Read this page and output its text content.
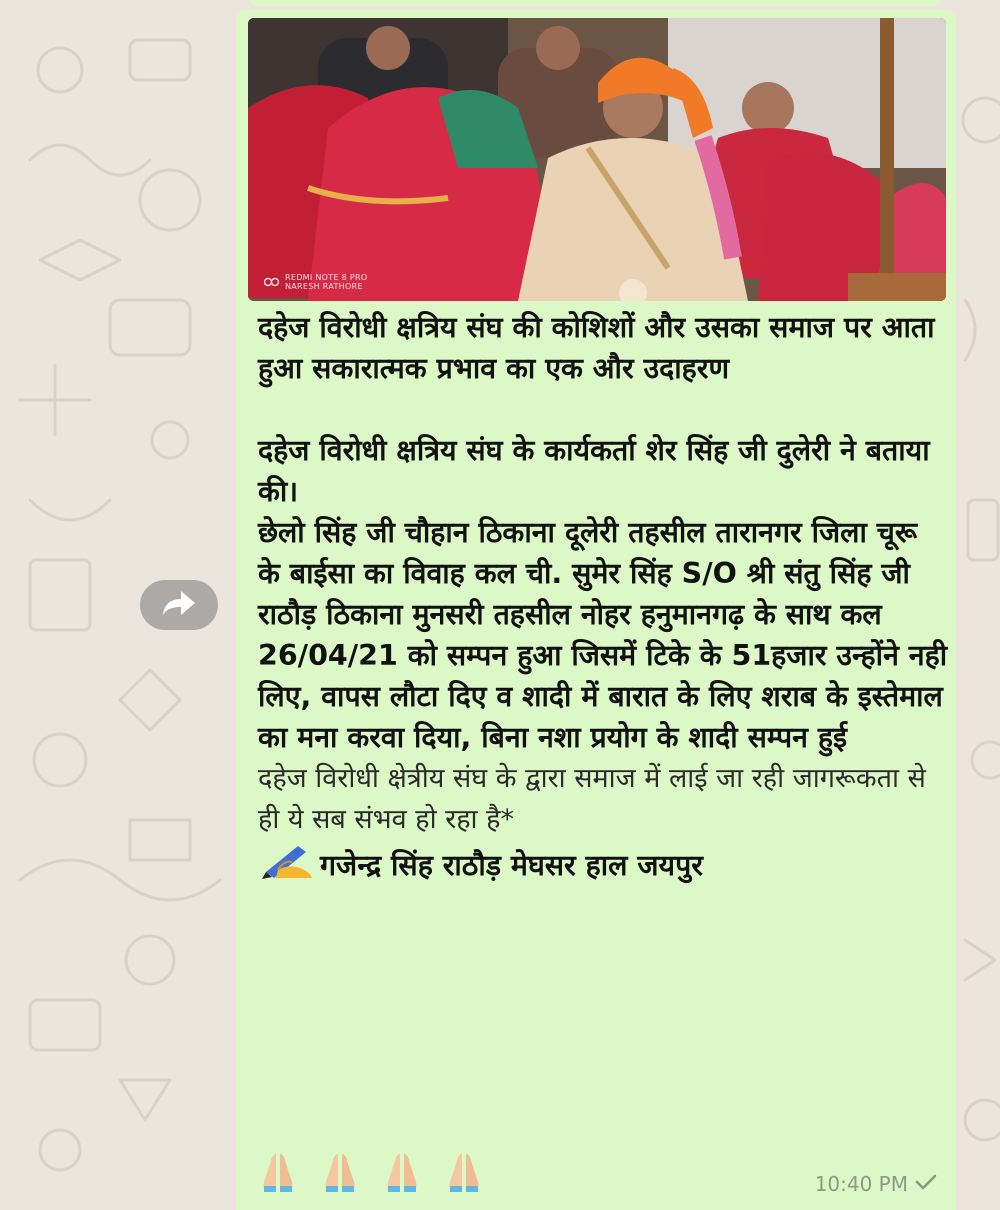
REDMI NOTE 8 PRO
NARESH RATHORE

दहेज विरोधी क्षत्रिय संघ की कोशिशों और उसका समाज पर आता हुआ सकारात्मक प्रभाव का एक और उदाहरण

दहेज विरोधी क्षत्रिय संघ के कार्यकर्ता शेर सिंह जी दुलेरी ने बताया की।

छेलो सिंह जी चौहान ठिकाना दूलेरी तहसील तारानगर जिला चूरू के बाईसा का विवाह कल ची. सुमेर सिंह S/O श्री संतु सिंह जी राठौड़ ठिकाना मुनसरी तहसील नोहर हनुमानगढ़ के साथ कल 26/04/21 को सम्पन हुआ जिसमें टिके के 51हजार उन्होंने नही लिए, वापस लौटा दिए व शादी में बारात के लिए शराब के इस्तेमाल का मना करवा दिया, बिना नशा प्रयोग के शादी सम्पन हुई

दहेज विरोधी क्षेत्रीय संघ के द्वारा समाज में लाई जा रही जागरूकता से ही ये सब संभव हो रहा है*

गजेन्द्र सिंह राठौड़ मेघसर हाल जयपुर
10:40 PM
